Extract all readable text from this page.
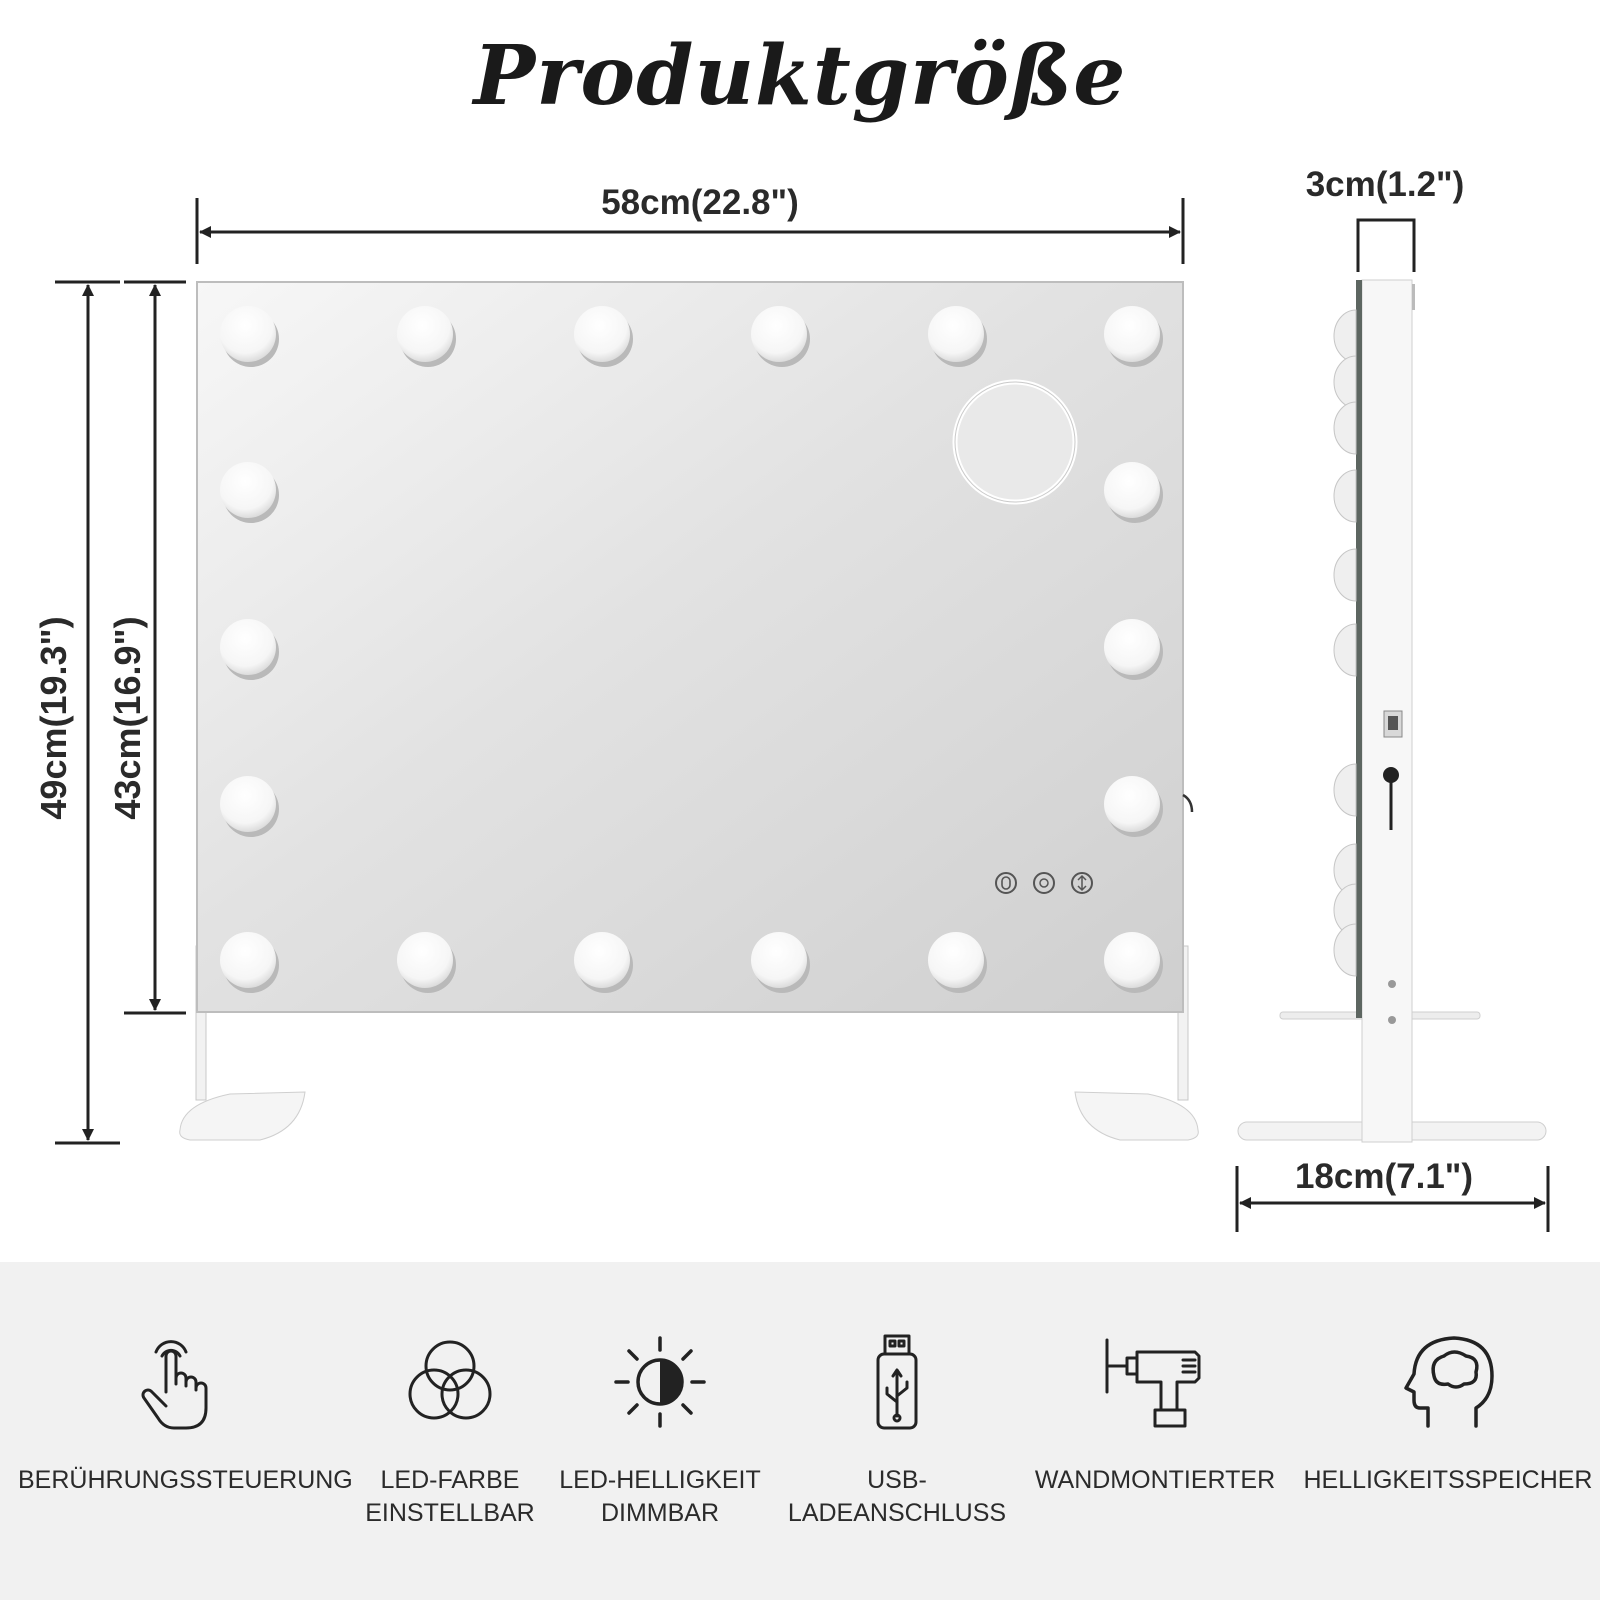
Produktgröße
58cm(22.8")
49cm(19.3") 43cm(16.9")
3cm(1.2")
18cm(7.1")
BERÜHRUNGSSTEUERUNG	LED-FARBE
EINSTELLBAR
LED-HELLIGKEIT
DIMMBAR
USB-
LADEANSCHLUSS
WANDMONTIERTER	HELLIGKEITSSPEICHER
